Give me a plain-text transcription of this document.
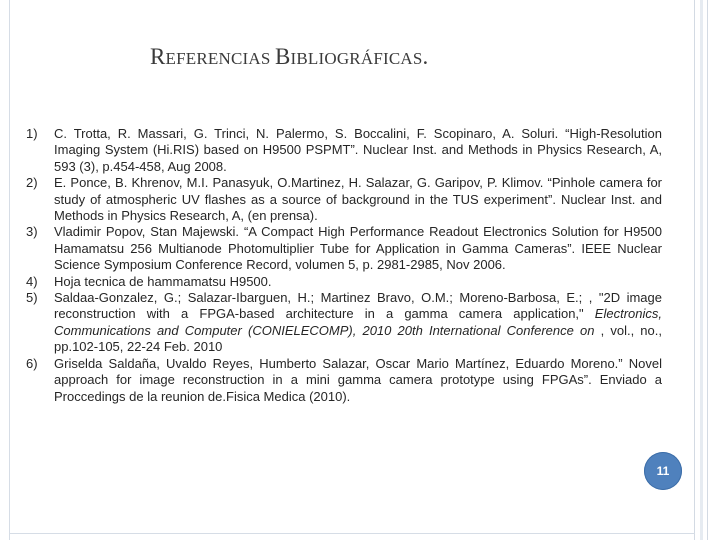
REFERENCIAS BIBLIOGRÁFICAS.
1) C. Trotta, R. Massari, G. Trinci, N. Palermo, S. Boccalini, F. Scopinaro, A. Soluri. “High-Resolution Imaging System (Hi.RIS) based on H9500 PSPMT”. Nuclear Inst. and Methods in Physics Research, A, 593 (3), p.454-458, Aug 2008.
2) E. Ponce, B. Khrenov, M.I. Panasyuk, O.Martinez, H. Salazar, G. Garipov, P. Klimov. “Pinhole camera for study of atmospheric UV flashes as a source of background in the TUS experiment”. Nuclear Inst. and Methods in Physics Research, A, (en prensa).
3) Vladimir Popov, Stan Majewski. “A Compact High Performance Readout Electronics Solution for H9500 Hamamatsu 256 Multianode Photomultiplier Tube for Application in Gamma Cameras”. IEEE Nuclear Science Symposium Conference Record, volumen 5, p. 2981-2985, Nov 2006.
4) Hoja tecnica de hammamatsu H9500.
5) Saldaa-Gonzalez, G.; Salazar-Ibarguen, H.; Martinez Bravo, O.M.; Moreno-Barbosa, E.; , "2D image reconstruction with a FPGA-based architecture in a gamma camera application," Electronics, Communications and Computer (CONIELECOMP), 2010 20th International Conference on , vol., no., pp.102-105, 22-24 Feb. 2010
6) Griselda Saldaña, Uvaldo Reyes, Humberto Salazar, Oscar Mario Martínez, Eduardo Moreno.” Novel approach for image reconstruction in a mini gamma camera prototype using FPGAs”. Enviado a Proccedings de la reunion de.Fisica Medica (2010).
11
